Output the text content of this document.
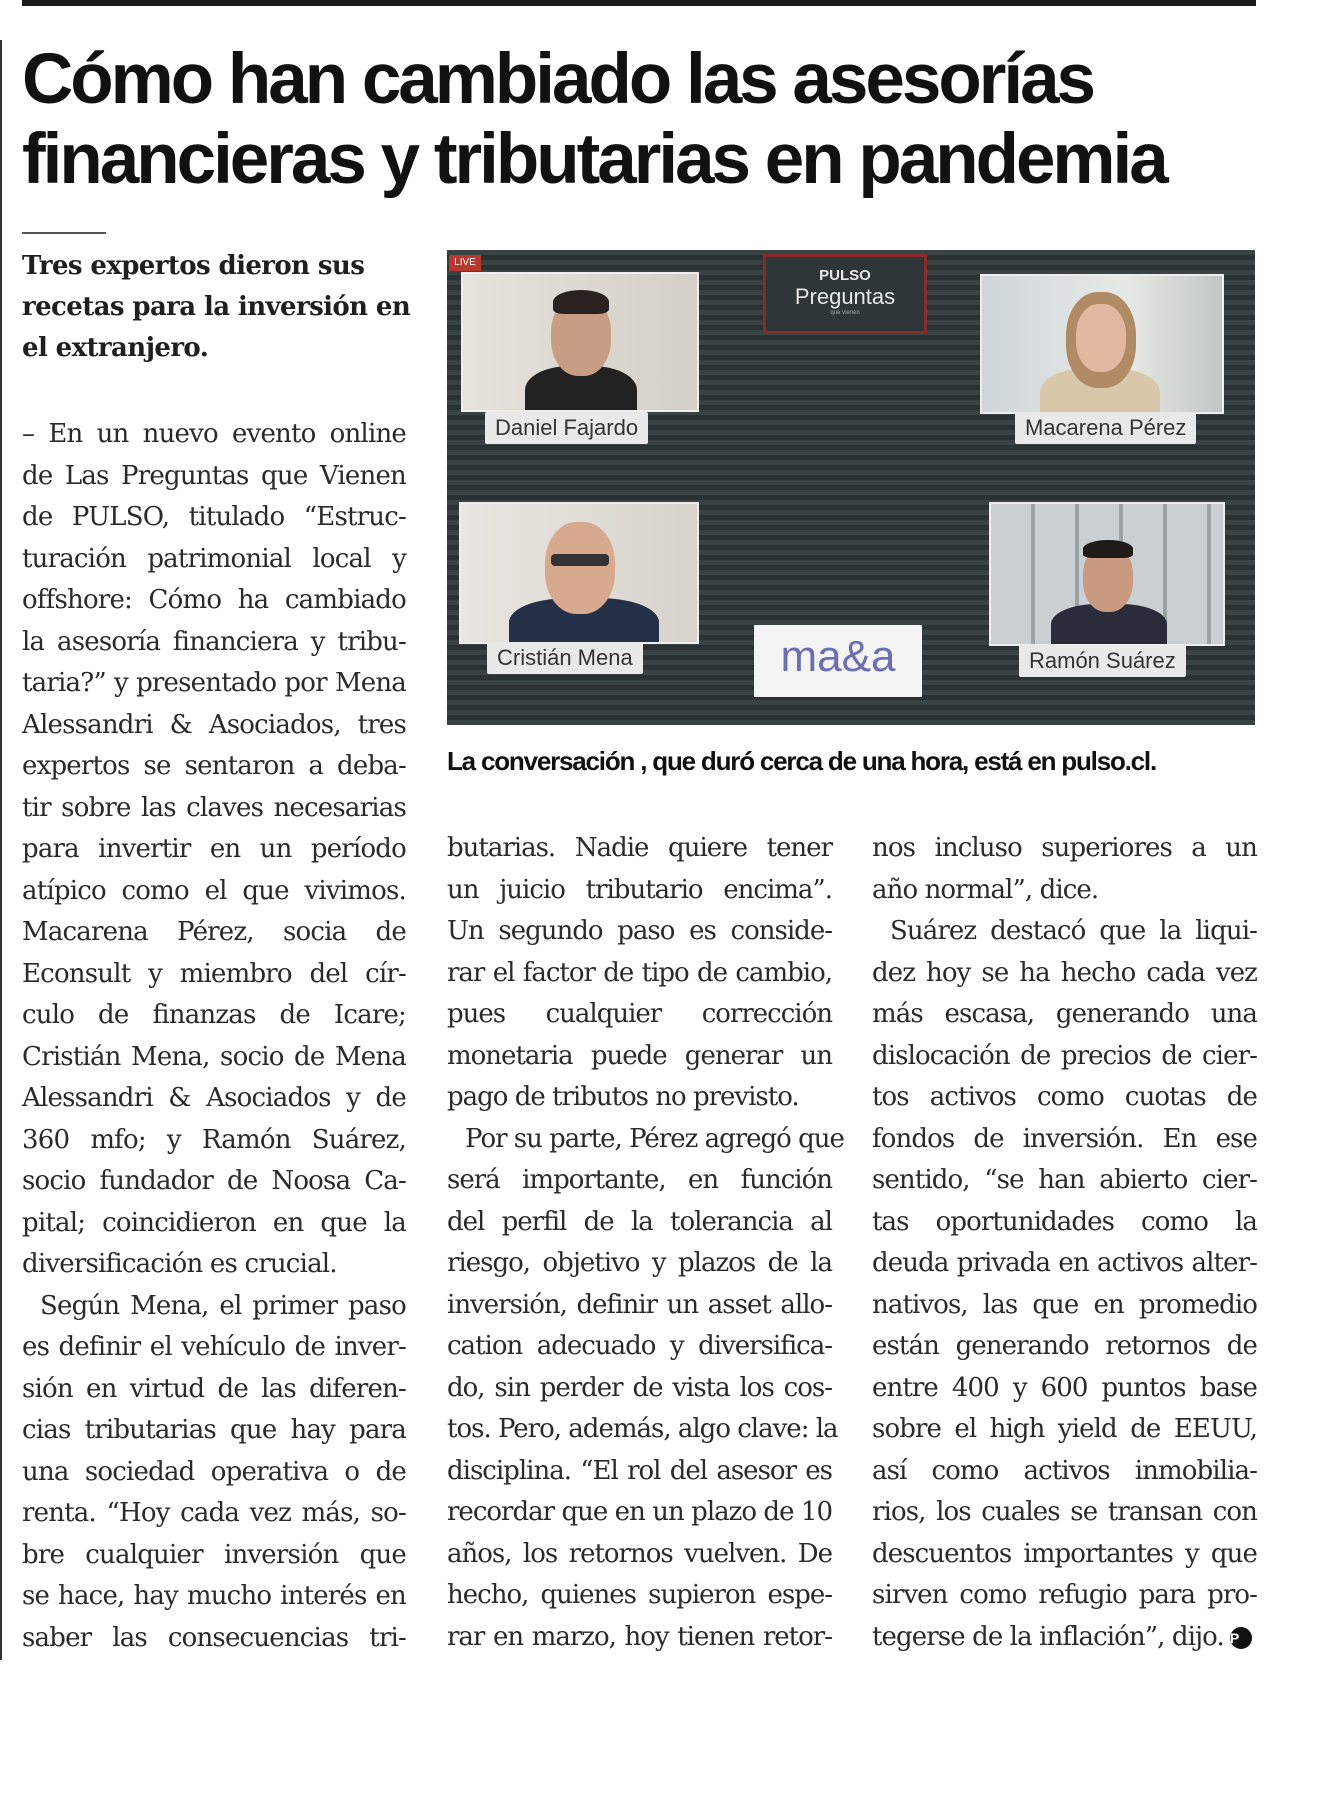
Cómo han cambiado las asesorías
financieras y tributarias en pandemia

Tres expertos dieron sus
recetas para la inversión en
el extranjero.

LIVE
PULSO
Preguntas
que vienen
Daniel Fajardo	Macarena Pérez
Cristián Mena	Ramón Suárez
ma&a

La conversación , que duró cerca de una hora, está en pulso.cl.

– En un nuevo evento online
de Las Preguntas que Vienen
de PULSO, titulado “Estruc-
turación patrimonial local y
offshore: Cómo ha cambiado
la asesoría financiera y tribu-
taria?” y presentado por Mena
Alessandri & Asociados, tres
expertos se sentaron a deba-
tir sobre las claves necesarias
para invertir en un período
atípico como el que vivimos.
Macarena Pérez, socia de
Econsult y miembro del cír-
culo de finanzas de Icare;
Cristián Mena, socio de Mena
Alessandri & Asociados y de
360 mfo; y Ramón Suárez,
socio fundador de Noosa Ca-
pital; coincidieron en que la
diversificación es crucial.
Según Mena, el primer paso
es definir el vehículo de inver-
sión en virtud de las diferen-
cias tributarias que hay para
una sociedad operativa o de
renta. “Hoy cada vez más, so-
bre cualquier inversión que
se hace, hay mucho interés en
saber las consecuencias tri-
butarias. Nadie quiere tener
un juicio tributario encima”.
Un segundo paso es conside-
rar el factor de tipo de cambio,
pues cualquier corrección
monetaria puede generar un
pago de tributos no previsto.
Por su parte, Pérez agregó que
será importante, en función
del perfil de la tolerancia al
riesgo, objetivo y plazos de la
inversión, definir un asset allo-
cation adecuado y diversifica-
do, sin perder de vista los cos-
tos. Pero, además, algo clave: la
disciplina. “El rol del asesor es
recordar que en un plazo de 10
años, los retornos vuelven. De
hecho, quienes supieron espe-
rar en marzo, hoy tienen retor-
nos incluso superiores a un
año normal”, dice.
Suárez destacó que la liqui-
dez hoy se ha hecho cada vez
más escasa, generando una
dislocación de precios de cier-
tos activos como cuotas de
fondos de inversión. En ese
sentido, “se han abierto cier-
tas oportunidades como la
deuda privada en activos alter-
nativos, las que en promedio
están generando retornos de
entre 400 y 600 puntos base
sobre el high yield de EEUU,
así como activos inmobilia-
rios, los cuales se transan con
descuentos importantes y que
sirven como refugio para pro-
tegerse de la inflación”, dijo. P
